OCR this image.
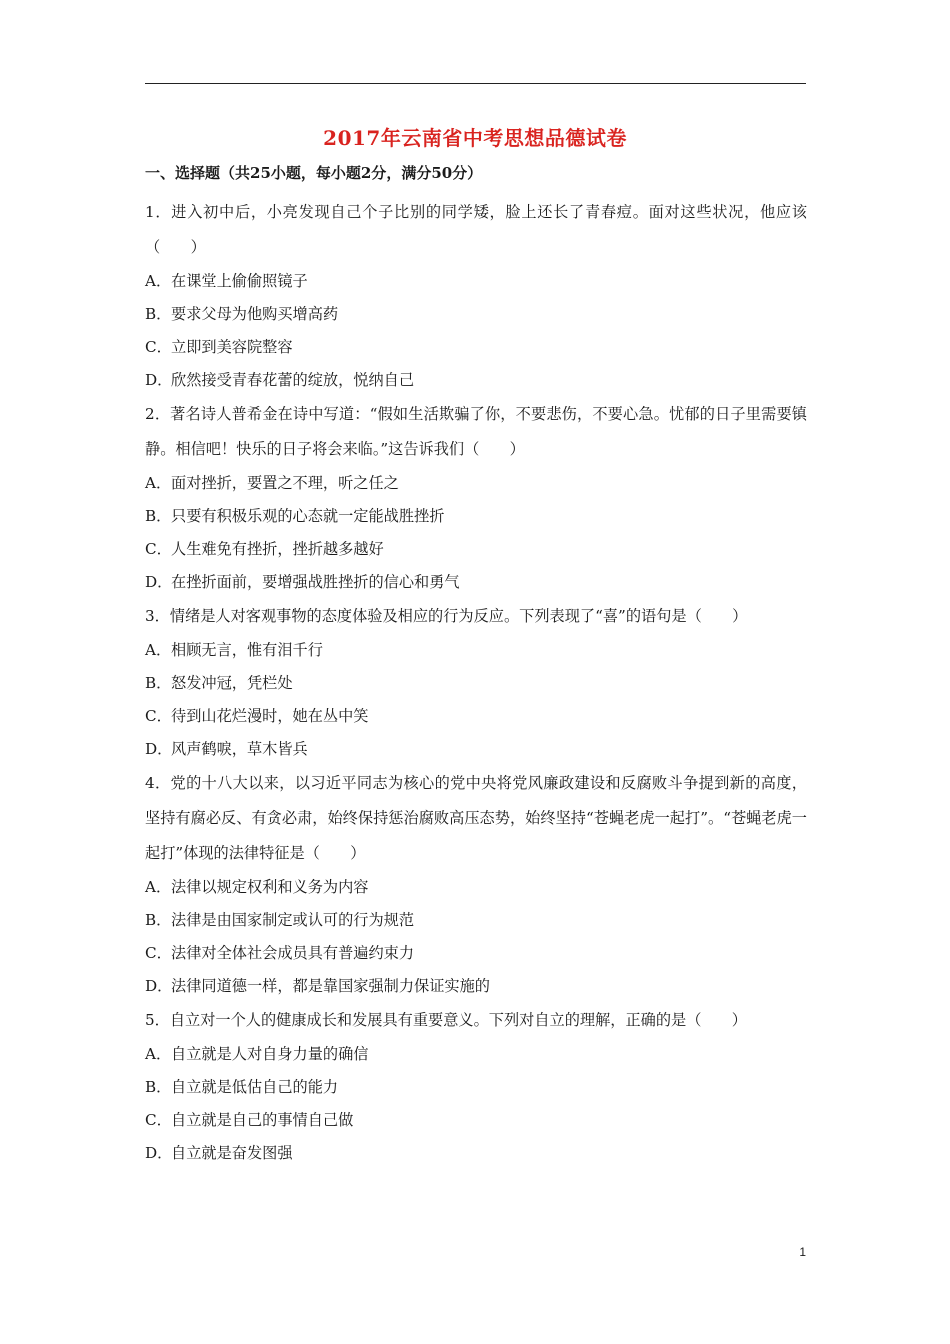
2017年云南省中考思想品德试卷
一、选择题（共25小题，每小题2分，满分50分）

1．进入初中后，小亮发现自己个子比别的同学矮，脸上还长了青春痘。面对这些状况，他应该（　　）

A．在课堂上偷偷照镜子
B．要求父母为他购买增高药
C．立即到美容院整容
D．欣然接受青春花蕾的绽放，悦纳自己

2．著名诗人普希金在诗中写道：“假如生活欺骗了你，不要悲伤，不要心急。忧郁的日子里需要镇静。相信吧！快乐的日子将会来临。”这告诉我们（　　）

A．面对挫折，要置之不理，听之任之
B．只要有积极乐观的心态就一定能战胜挫折
C．人生难免有挫折，挫折越多越好
D．在挫折面前，要增强战胜挫折的信心和勇气

3．情绪是人对客观事物的态度体验及相应的行为反应。下列表现了“喜”的语句是（　　）

A．相顾无言，惟有泪千行
B．怒发冲冠，凭栏处
C．待到山花烂漫时，她在丛中笑
D．风声鹤唳，草木皆兵

4．党的十八大以来，以习近平同志为核心的党中央将党风廉政建设和反腐败斗争提到新的高度，坚持有腐必反、有贪必肃，始终保持惩治腐败高压态势，始终坚持“苍蝇老虎一起打”。“苍蝇老虎一起打”体现的法律特征是（　　）

A．法律以规定权利和义务为内容
B．法律是由国家制定或认可的行为规范
C．法律对全体社会成员具有普遍约束力
D．法律同道德一样，都是靠国家强制力保证实施的

5．自立对一个人的健康成长和发展具有重要意义。下列对自立的理解，正确的是（　　）

A．自立就是人对自身力量的确信
B．自立就是低估自己的能力
C．自立就是自己的事情自己做
D．自立就是奋发图强
1
